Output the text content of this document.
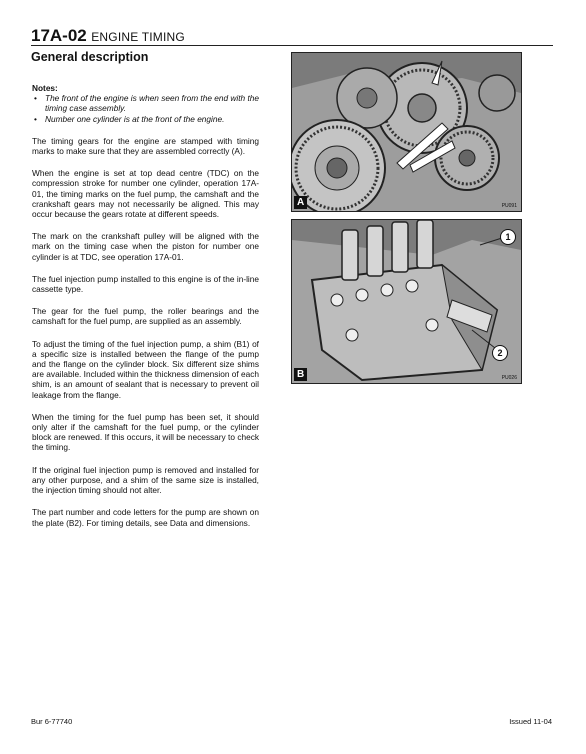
17A-02 ENGINE TIMING
General description
Notes:
• The front of the engine is when seen from the end with the timing case assembly.
• Number one cylinder is at the front of the engine.

The timing gears for the engine are stamped with timing marks to make sure that they are assembled correctly (A).

When the engine is set at top dead centre (TDC) on the compression stroke for number one cylinder, operation 17A-01, the timing marks on the fuel pump, the camshaft and the crankshaft gears may not necessarily be aligned. This may occur because the gears rotate at different speeds.

The mark on the crankshaft pulley will be aligned with the mark on the timing case when the piston for number one cylinder is at TDC, see operation 17A-01.

The fuel injection pump installed to this engine is of the in-line cassette type.

The gear for the fuel pump, the roller bearings and the camshaft for the fuel pump, are supplied as an assembly.

To adjust the timing of the fuel injection pump, a shim (B1) of a specific size is installed between the flange of the pump and the flange on the cylinder block. Six different size shims are available. Included within the thickness dimension of each shim, is an amount of sealant that is necessary to prevent oil leakage from the flange.

When the timing for the fuel pump has been set, it should only alter if the camshaft for the fuel pump, or the cylinder block are renewed. If this occurs, it will be necessary to check the timing.

If the original fuel injection pump is removed and installed for any other purpose, and a shim of the same size is installed, the injection timing should not alter.

The part number and code letters for the pump are shown on the plate (B2). For timing details, see Data and dimensions.

A	PU091
1
2
B	PU026
Bur 6-77740	Issued 11-04
